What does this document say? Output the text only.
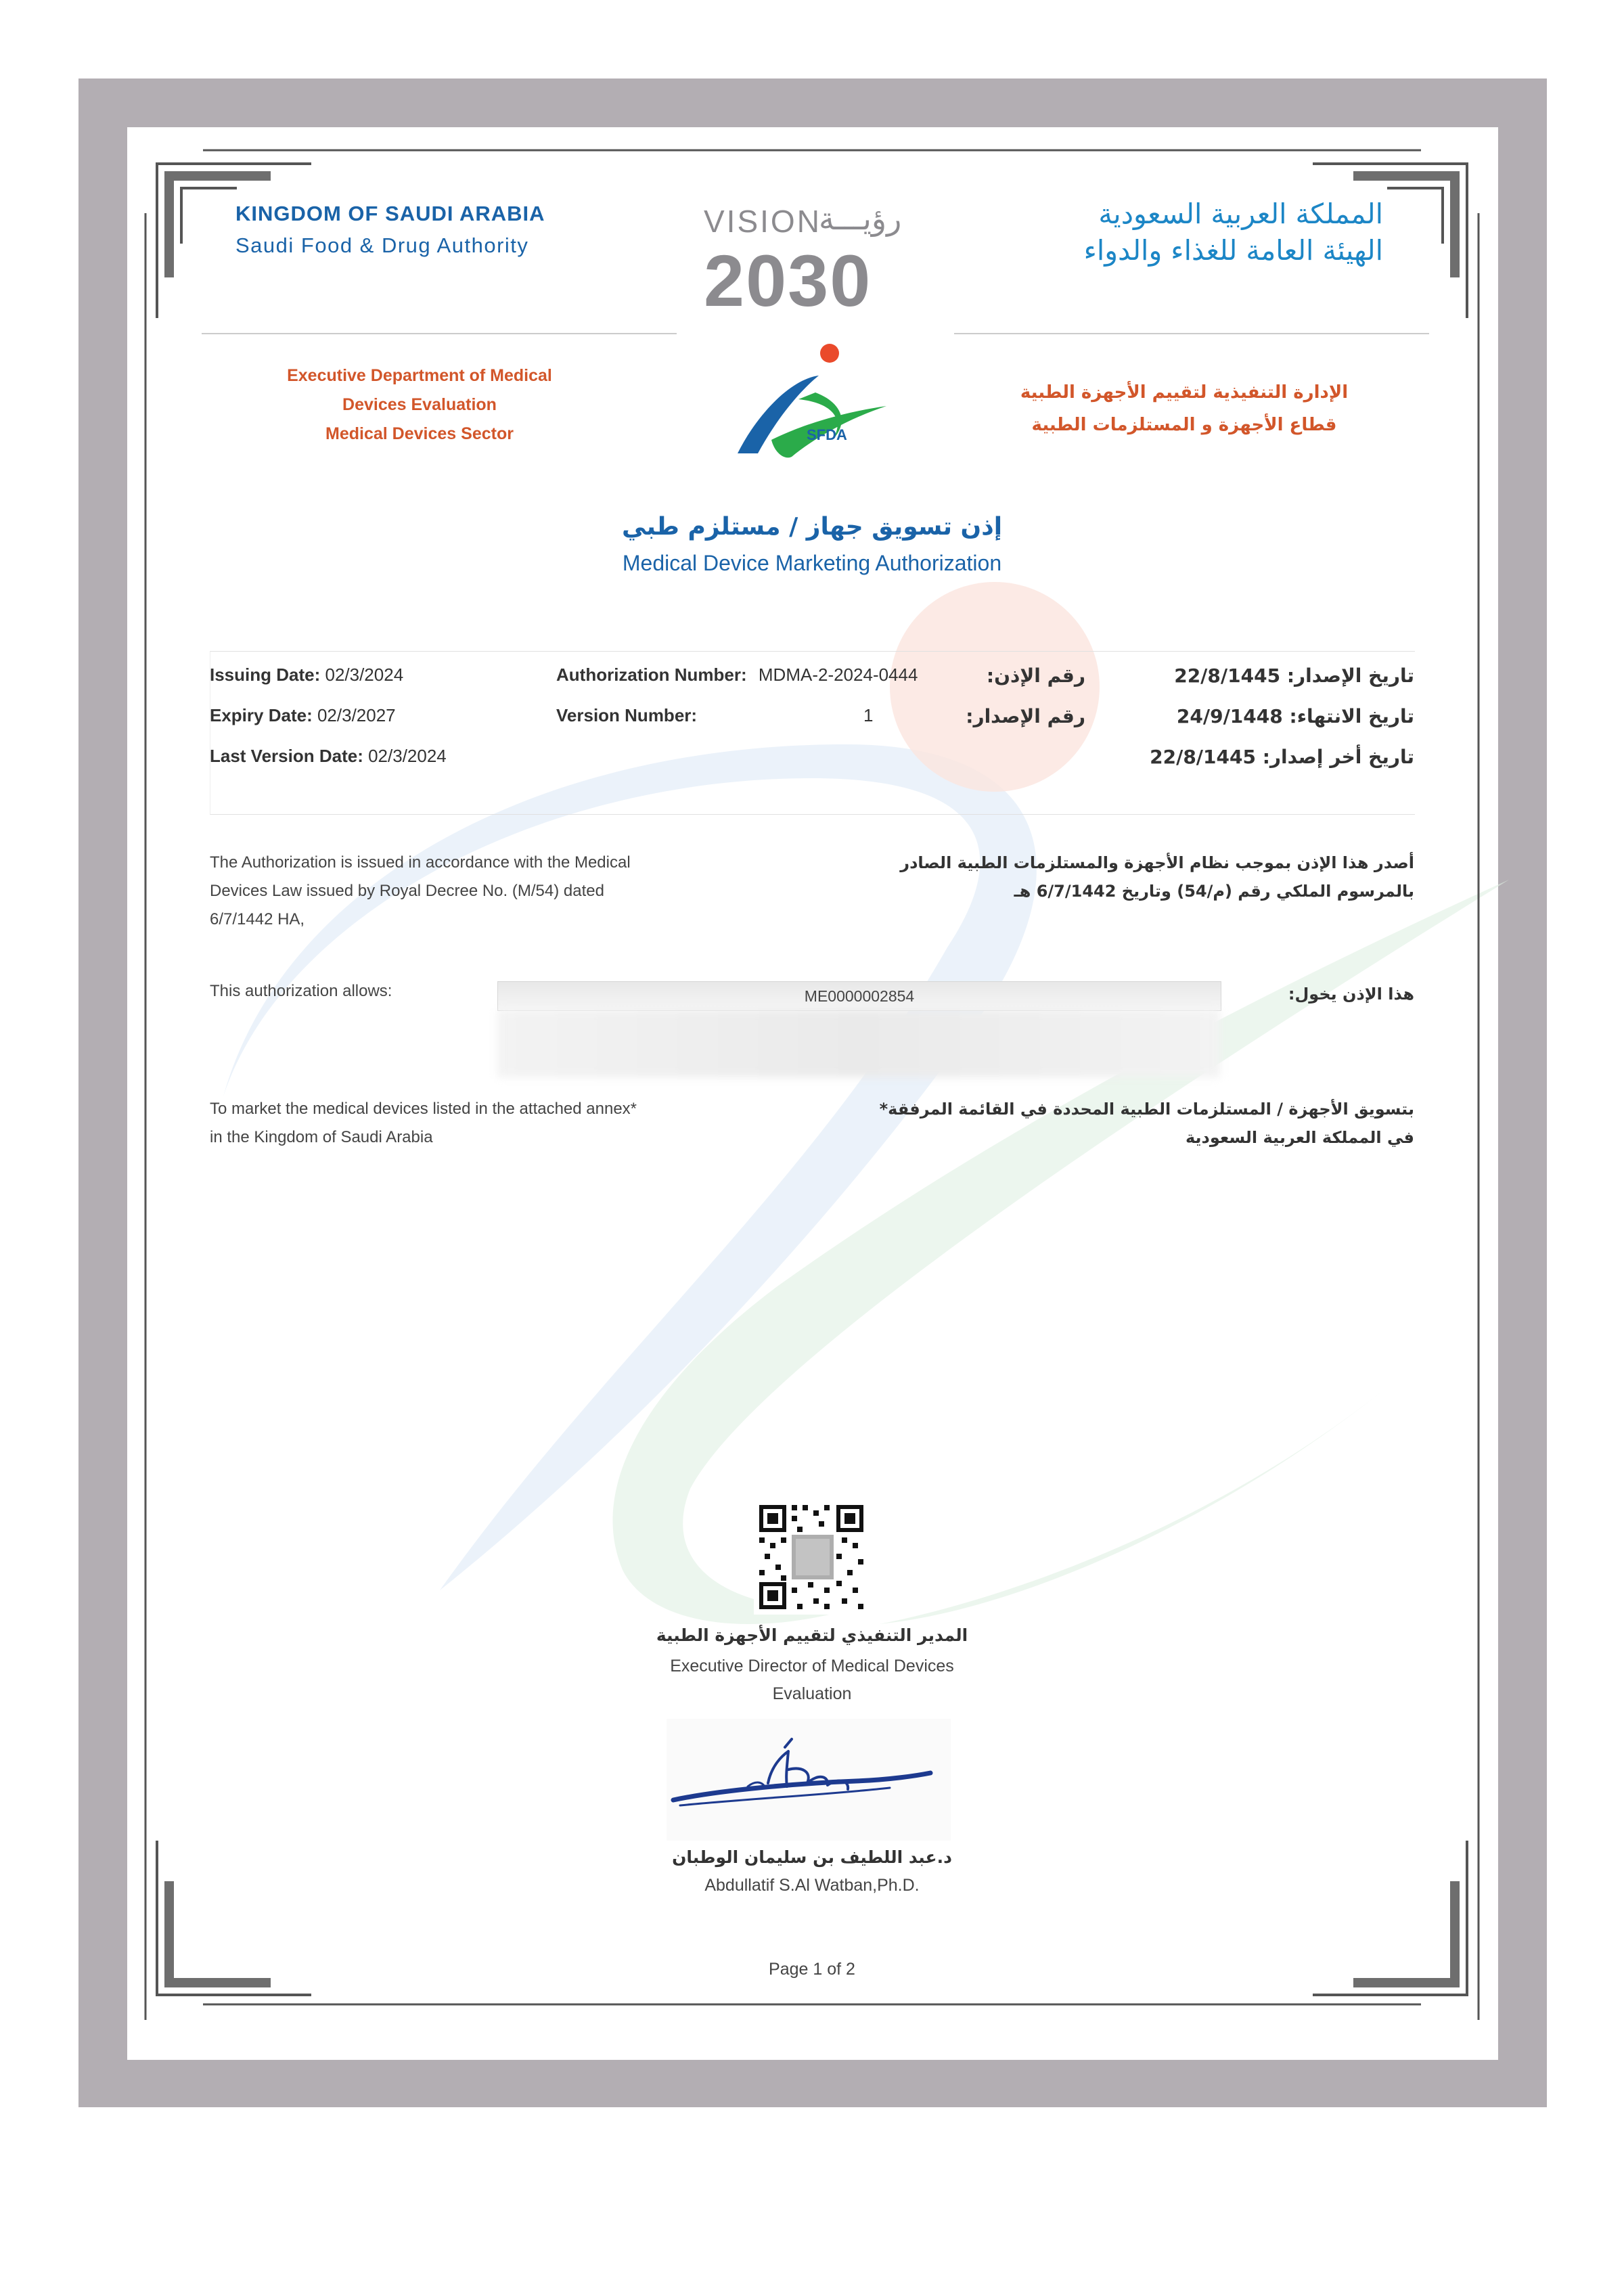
KINGDOM OF SAUDI ARABIA
Saudi Food & Drug Authority
المملكة العربية السعودية
الهيئة العامة للغذاء والدواء
VISION
رؤيـــة
2030
SFDA
Executive Department of Medical
Devices Evaluation
Medical Devices Sector
الإدارة التنفيذية لتقييم الأجهزة الطبية
قطاع الأجهزة و المستلزمات الطبية
إذن تسويق جهاز / مستلزم طبي
Medical Device Marketing Authorization
Issuing Date: 02/3/2024
Expiry Date: 02/3/2027
Last Version Date: 02/3/2024
Authorization Number: MDMA-2-2024-0444
Version Number:	1
رقم الإذن:
رقم الإصدار:
تاريخ الإصدار: 22/8/1445
تاريخ الانتهاء: 24/9/1448
تاريخ أخر إصدار: 22/8/1445
The Authorization is issued in accordance with the Medical
Devices Law issued by Royal Decree No. (M/54) dated
6/7/1442 HA,
أصدر هذا الإذن بموجب نظام الأجهزة والمستلزمات الطبية الصادر
بالمرسوم الملكي رقم (م/54) وتاريخ 6/7/1442 هـ
This authorization allows:	هذا الإذن يخول:
ME0000002854
To market the medical devices listed in the attached annex*
in the Kingdom of Saudi Arabia
بتسويق الأجهزة / المستلزمات الطبية المحددة في القائمة المرفقة*
في المملكة العربية السعودية
المدير التنفيذي لتقييم الأجهزة الطبية
Executive Director of Medical Devices
Evaluation
د.عبد اللطيف بن سليمان الوطبان
Abdullatif S.Al Watban,Ph.D.
Page 1 of 2
